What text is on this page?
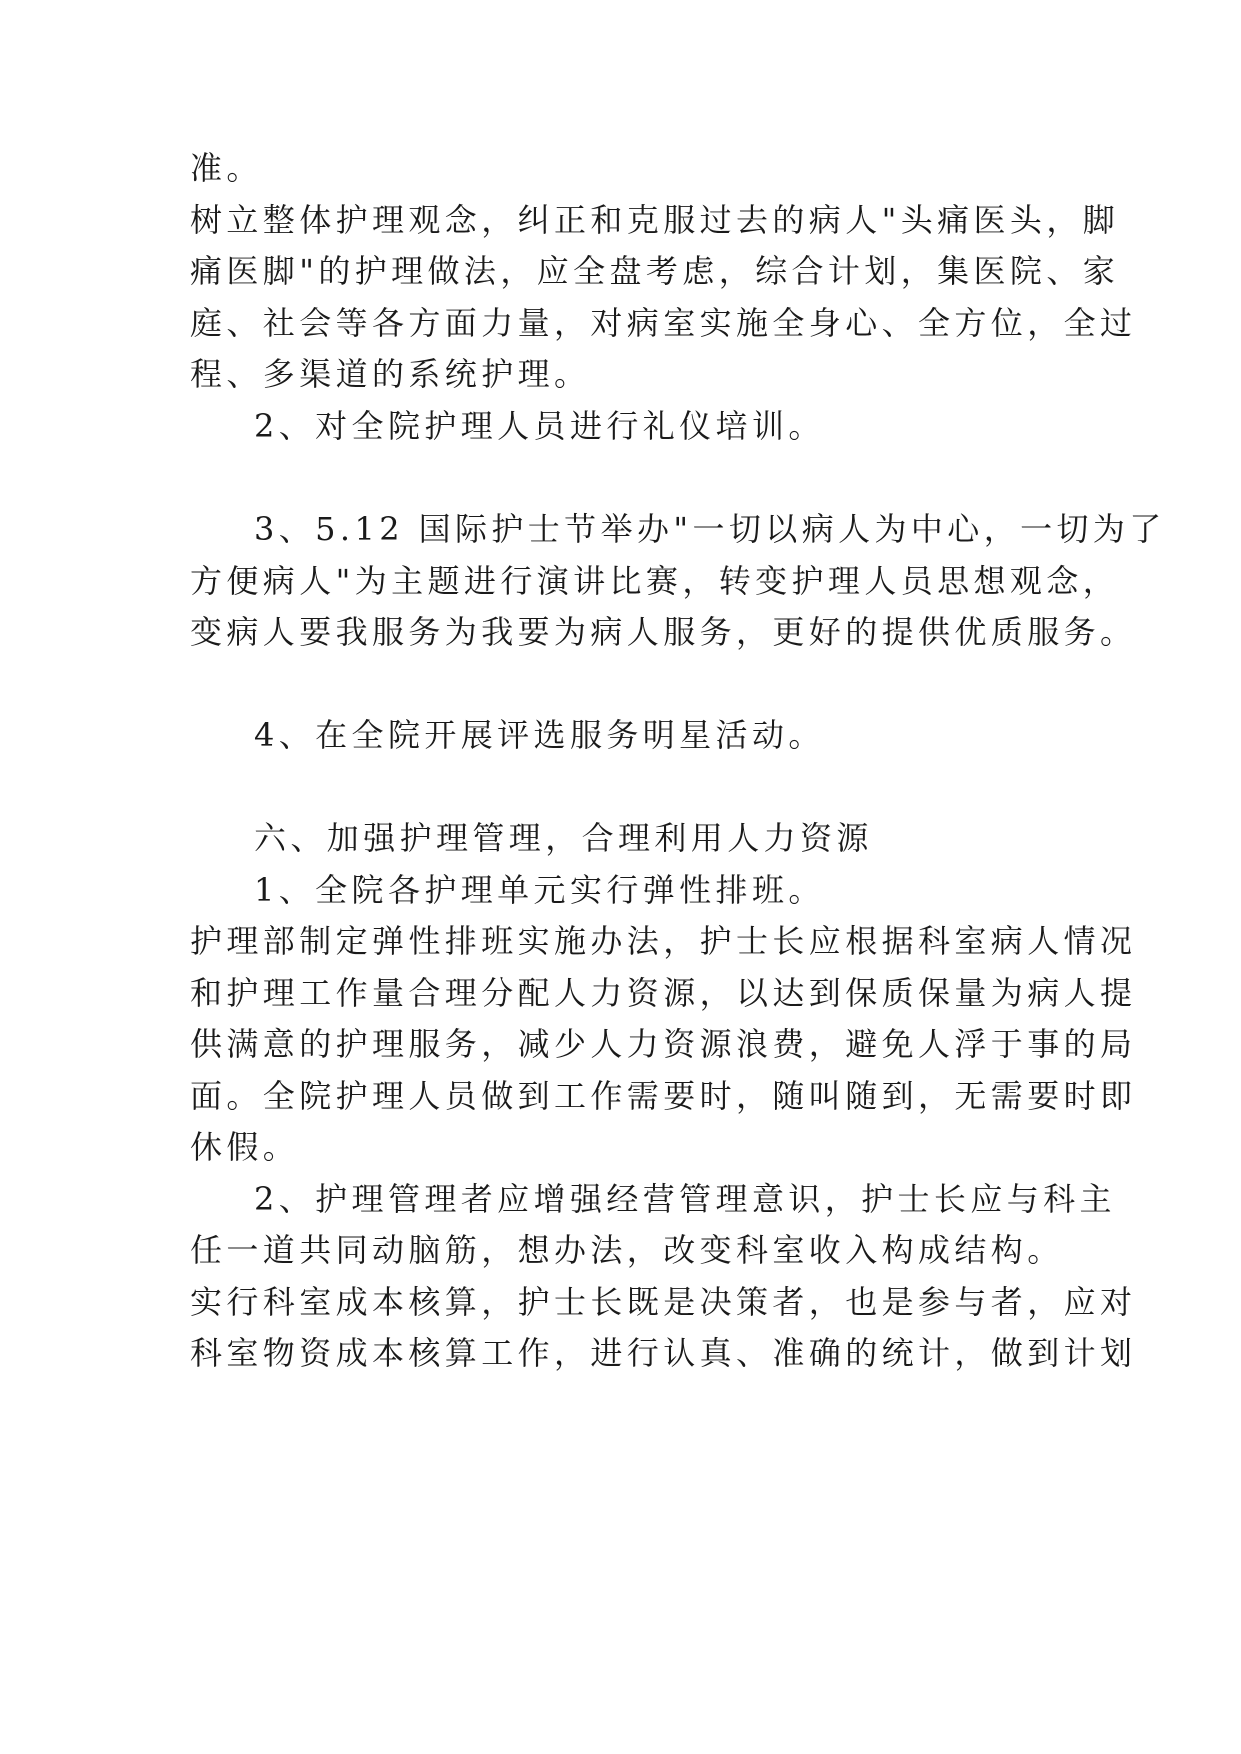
准。
树立整体护理观念，纠正和克服过去的病人"头痛医头，脚
痛医脚"的护理做法，应全盘考虑，综合计划，集医院、家
庭、社会等各方面力量，对病室实施全身心、全方位，全过
程、多渠道的系统护理。
2、对全院护理人员进行礼仪培训。
3、5.12 国际护士节举办"一切以病人为中心，一切为了
方便病人"为主题进行演讲比赛，转变护理人员思想观念，
变病人要我服务为我要为病人服务，更好的提供优质服务。
4、在全院开展评选服务明星活动。
六、加强护理管理，合理利用人力资源
1、全院各护理单元实行弹性排班。
护理部制定弹性排班实施办法，护士长应根据科室病人情况
和护理工作量合理分配人力资源，以达到保质保量为病人提
供满意的护理服务，减少人力资源浪费，避免人浮于事的局
面。全院护理人员做到工作需要时，随叫随到，无需要时即
休假。
2、护理管理者应增强经营管理意识，护士长应与科主
任一道共同动脑筋，想办法，改变科室收入构成结构。
实行科室成本核算，护士长既是决策者，也是参与者，应对
科室物资成本核算工作，进行认真、准确的统计，做到计划
